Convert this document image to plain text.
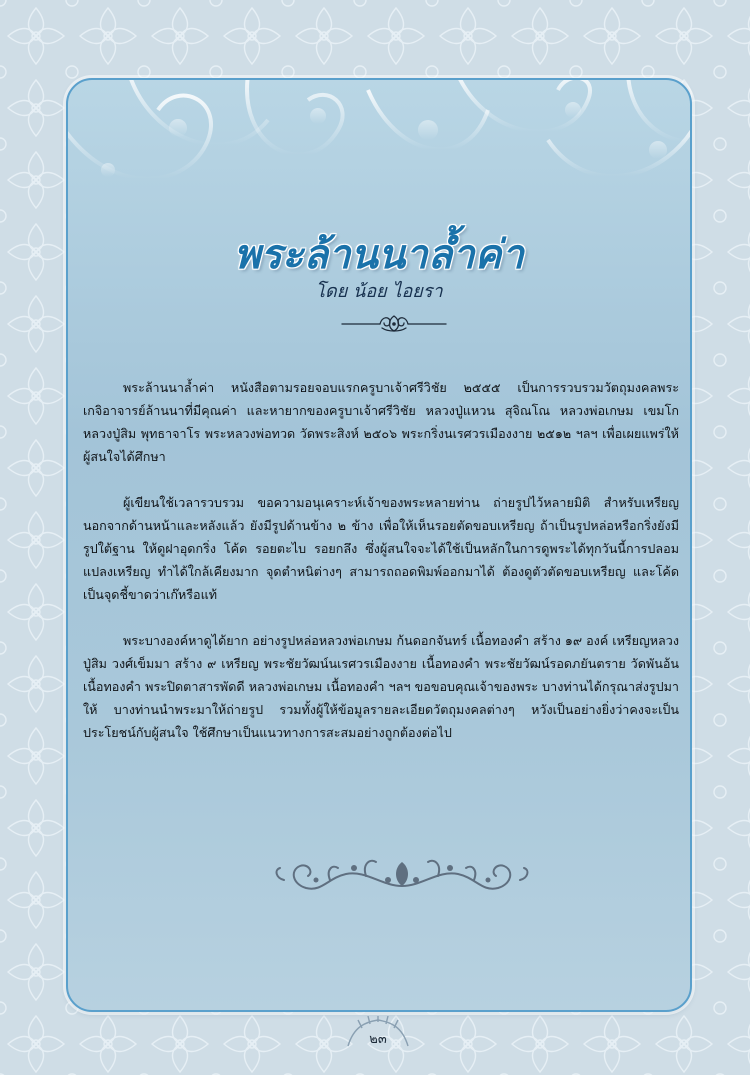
พระล้านนาล้ำค่า
โดย น้อย ไอยรา

พระล้านนาล้ำค่า หนังสือตามรอยจอบแรกครูบาเจ้าศรีวิชัย ๒๕๕๕ เป็นการรวบรวมวัตถุมงคลพระเกจิอาจารย์ล้านนาที่มีคุณค่า และหายากของครูบาเจ้าศรีวิชัย หลวงปู่แหวน สุจิณโณ หลวงพ่อเกษม เขมโก หลวงปู่สิม พุทธาจาโร พระหลวงพ่อทวด วัดพระสิงห์ ๒๕๐๖ พระกริ่งนเรศวรเมืองงาย ๒๕๑๒ ฯลฯ เพื่อเผยแพร่ให้ผู้สนใจได้ศึกษา

ผู้เขียนใช้เวลารวบรวม ขอความอนุเคราะห์เจ้าของพระหลายท่าน ถ่ายรูปไว้หลายมิติ สำหรับเหรียญนอกจากด้านหน้าและหลังแล้ว ยังมีรูปด้านข้าง ๒ ข้าง เพื่อให้เห็นรอยตัดขอบเหรียญ ถ้าเป็นรูปหล่อหรือกริ่งยังมีรูปใต้ฐาน ให้ดูฝาอุดกริ่ง โค้ด รอยตะไบ รอยกลึง ซึ่งผู้สนใจจะได้ใช้เป็นหลักในการดูพระได้ทุกวันนี้การปลอมแปลงเหรียญ ทำได้ใกล้เคียงมาก จุดตำหนิต่างๆ สามารถถอดพิมพ์ออกมาได้ ต้องดูตัวตัดขอบเหรียญ และโค้ด เป็นจุดชี้ขาดว่าเก๊หรือแท้

พระบางองค์หาดูได้ยาก อย่างรูปหล่อหลวงพ่อเกษม ก้นดอกจันทร์ เนื้อทองคำ สร้าง ๑๙ องค์ เหรียญหลวงปู่สิม วงศ์เข็มมา สร้าง ๙ เหรียญ พระชัยวัฒน์นเรศวรเมืองงาย เนื้อทองคำ พระชัยวัฒน์รอดภยันตราย วัดพันอ้น เนื้อทองคำ พระปิดตาสารพัดดี หลวงพ่อเกษม เนื้อทองคำ ฯลฯ ขอขอบคุณเจ้าของพระ บางท่านได้กรุณาส่งรูปมาให้ บางท่านนำพระมาให้ถ่ายรูป รวมทั้งผู้ให้ข้อมูลรายละเอียดวัตถุมงคลต่างๆ หวังเป็นอย่างยิ่งว่าคงจะเป็นประโยชน์กับผู้สนใจ ใช้ศึกษาเป็นแนวทางการสะสมอย่างถูกต้องต่อไป

๒๓
